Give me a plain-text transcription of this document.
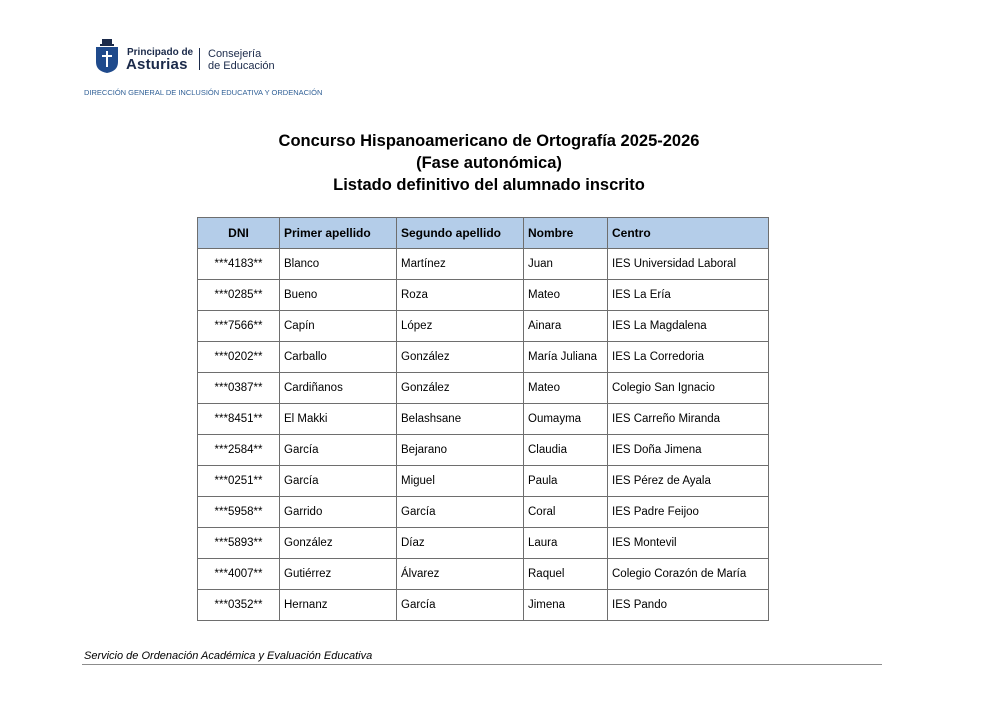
Principado de
Asturias
Consejería
de Educación
DIRECCIÓN GENERAL DE INCLUSIÓN EDUCATIVA Y ORDENACIÓN
Concurso Hispanoamericano de Ortografía 2025-2026
(Fase autonómica)
Listado definitivo del alumnado inscrito
DNI	Primer apellido	Segundo apellido	Nombre	Centro
***4183**	Blanco	Martínez	Juan	IES Universidad Laboral
***0285**	Bueno	Roza	Mateo	IES La Ería
***7566**	Capín	López	Ainara	IES La Magdalena
***0202**	Carballo	González	María Juliana	IES La Corredoria
***0387**	Cardiñanos	González	Mateo	Colegio San Ignacio
***8451**	El Makki	Belashsane	Oumayma	IES Carreño Miranda
***2584**	García	Bejarano	Claudia	IES Doña Jimena
***0251**	García	Miguel	Paula	IES Pérez de Ayala
***5958**	Garrido	García	Coral	IES Padre Feijoo
***5893**	González	Díaz	Laura	IES Montevil
***4007**	Gutiérrez	Álvarez	Raquel	Colegio Corazón de María
***0352**	Hernanz	García	Jimena	IES Pando
Servicio de Ordenación Académica y Evaluación Educativa
